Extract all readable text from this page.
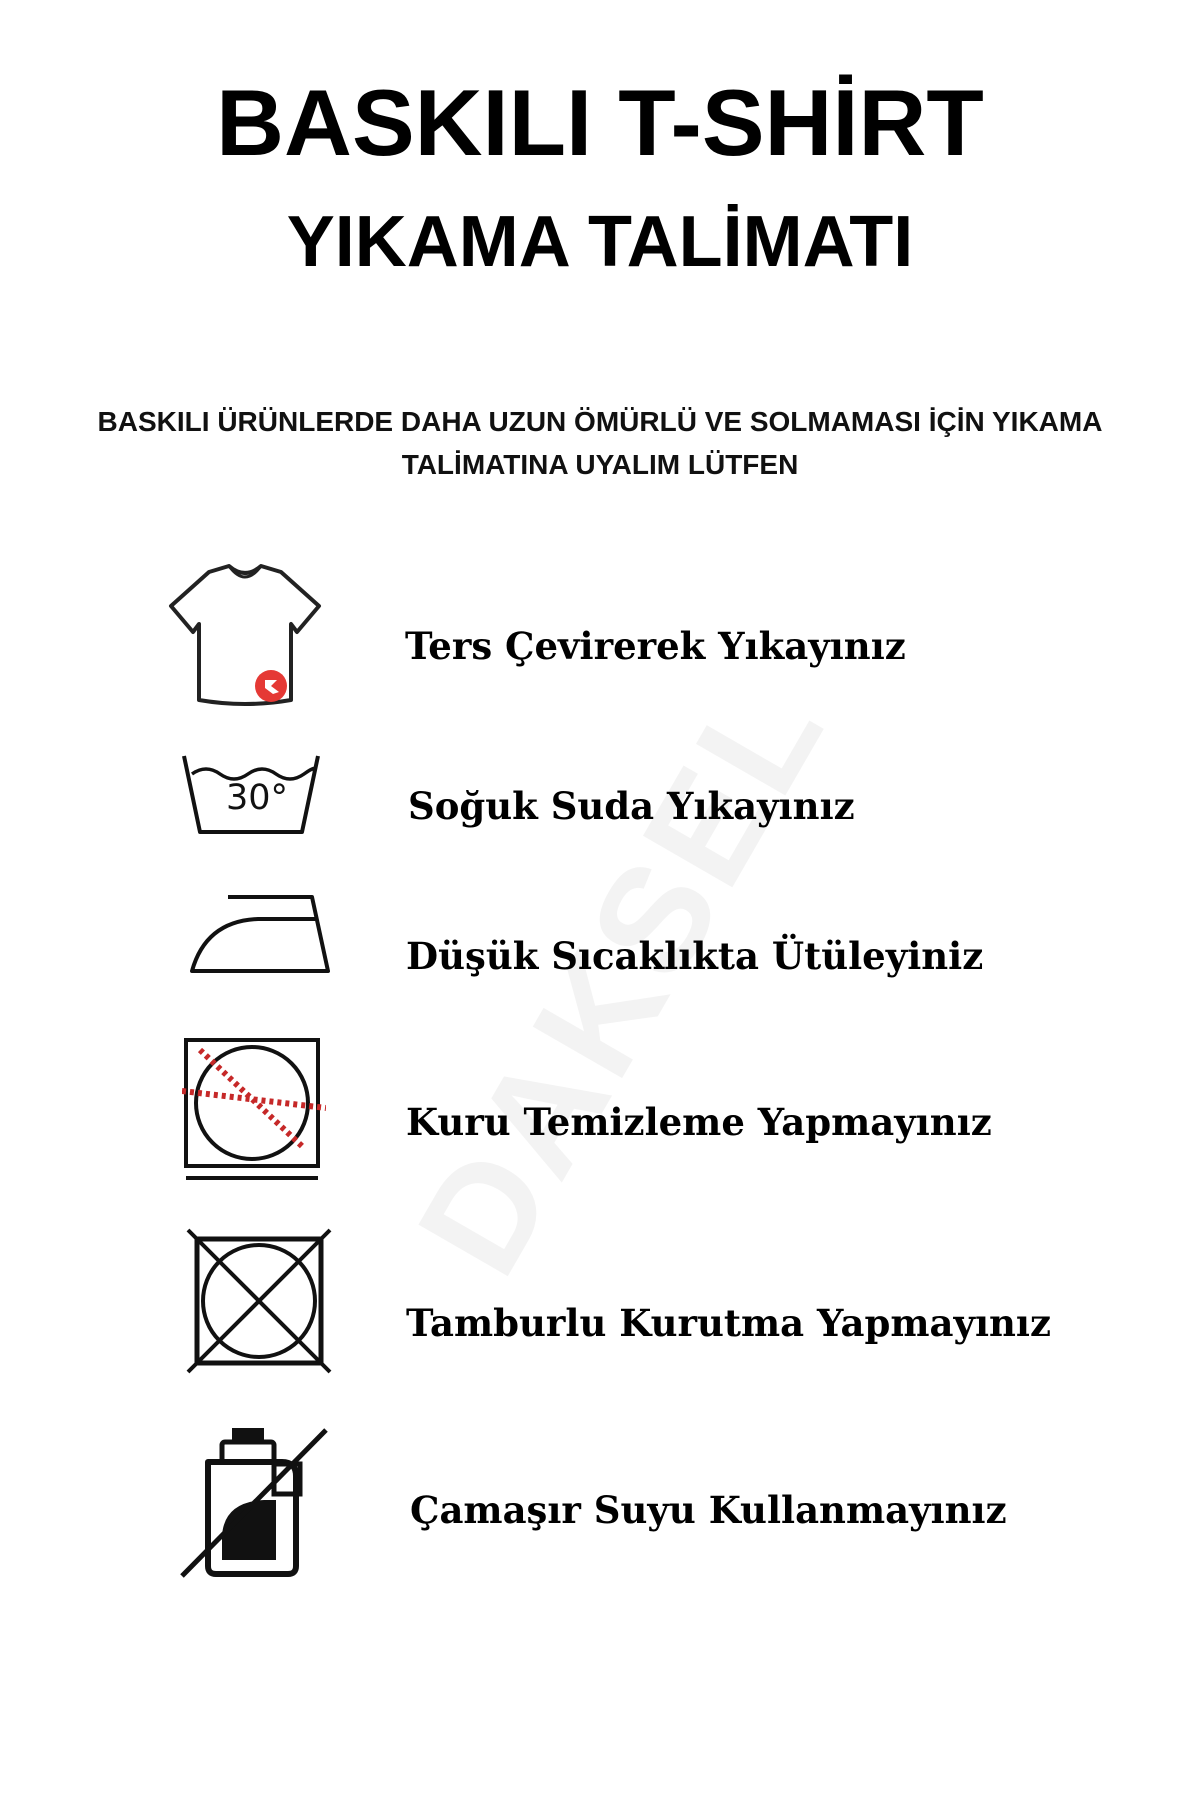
BASKILI T-SHİRT
YIKAMA TALİMATI

BASKILI ÜRÜNLERDE DAHA UZUN ÖMÜRLÜ VE SOLMAMASI İÇİN YIKAMA TALİMATINA UYALIM LÜTFEN

Ters Çevirerek Yıkayınız
30°	Soğuk Suda Yıkayınız
Düşük Sıcaklıkta Ütüleyiniz
Kuru Temizleme Yapmayınız
Tamburlu Kurutma Yapmayınız
Çamaşır Suyu Kullanmayınız
